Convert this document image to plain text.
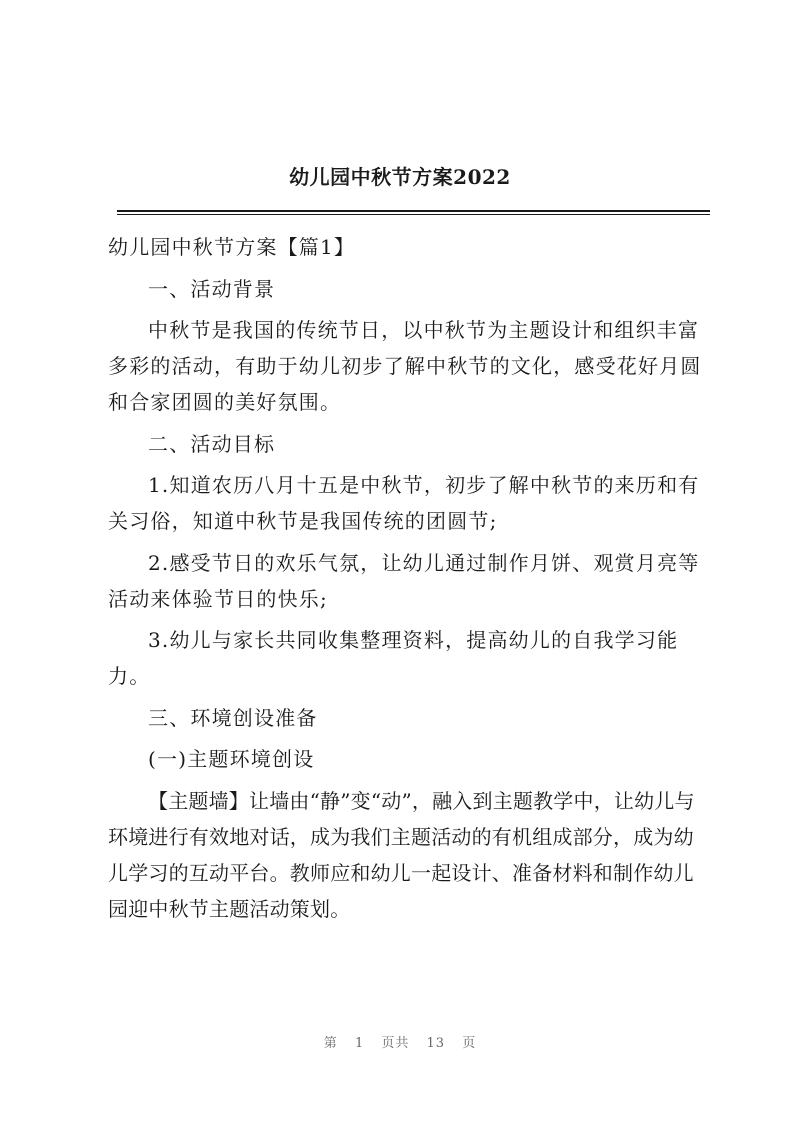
幼儿园中秋节方案2022

幼儿园中秋节方案【篇1】

一、活动背景

中秋节是我国的传统节日，以中秋节为主题设计和组织丰富多彩的活动，有助于幼儿初步了解中秋节的文化，感受花好月圆和合家团圆的美好氛围。

二、活动目标

1.知道农历八月十五是中秋节，初步了解中秋节的来历和有关习俗，知道中秋节是我国传统的团圆节;

2.感受节日的欢乐气氛，让幼儿通过制作月饼、观赏月亮等活动来体验节日的快乐;

3.幼儿与家长共同收集整理资料，提高幼儿的自我学习能力。

三、环境创设准备

(一)主题环境创设

【主题墙】让墙由“静”变“动”，融入到主题教学中，让幼儿与环境进行有效地对话，成为我们主题活动的有机组成部分，成为幼儿学习的互动平台。教师应和幼儿一起设计、准备材料和制作幼儿园迎中秋节主题活动策划。

第 1 页共 13 页
